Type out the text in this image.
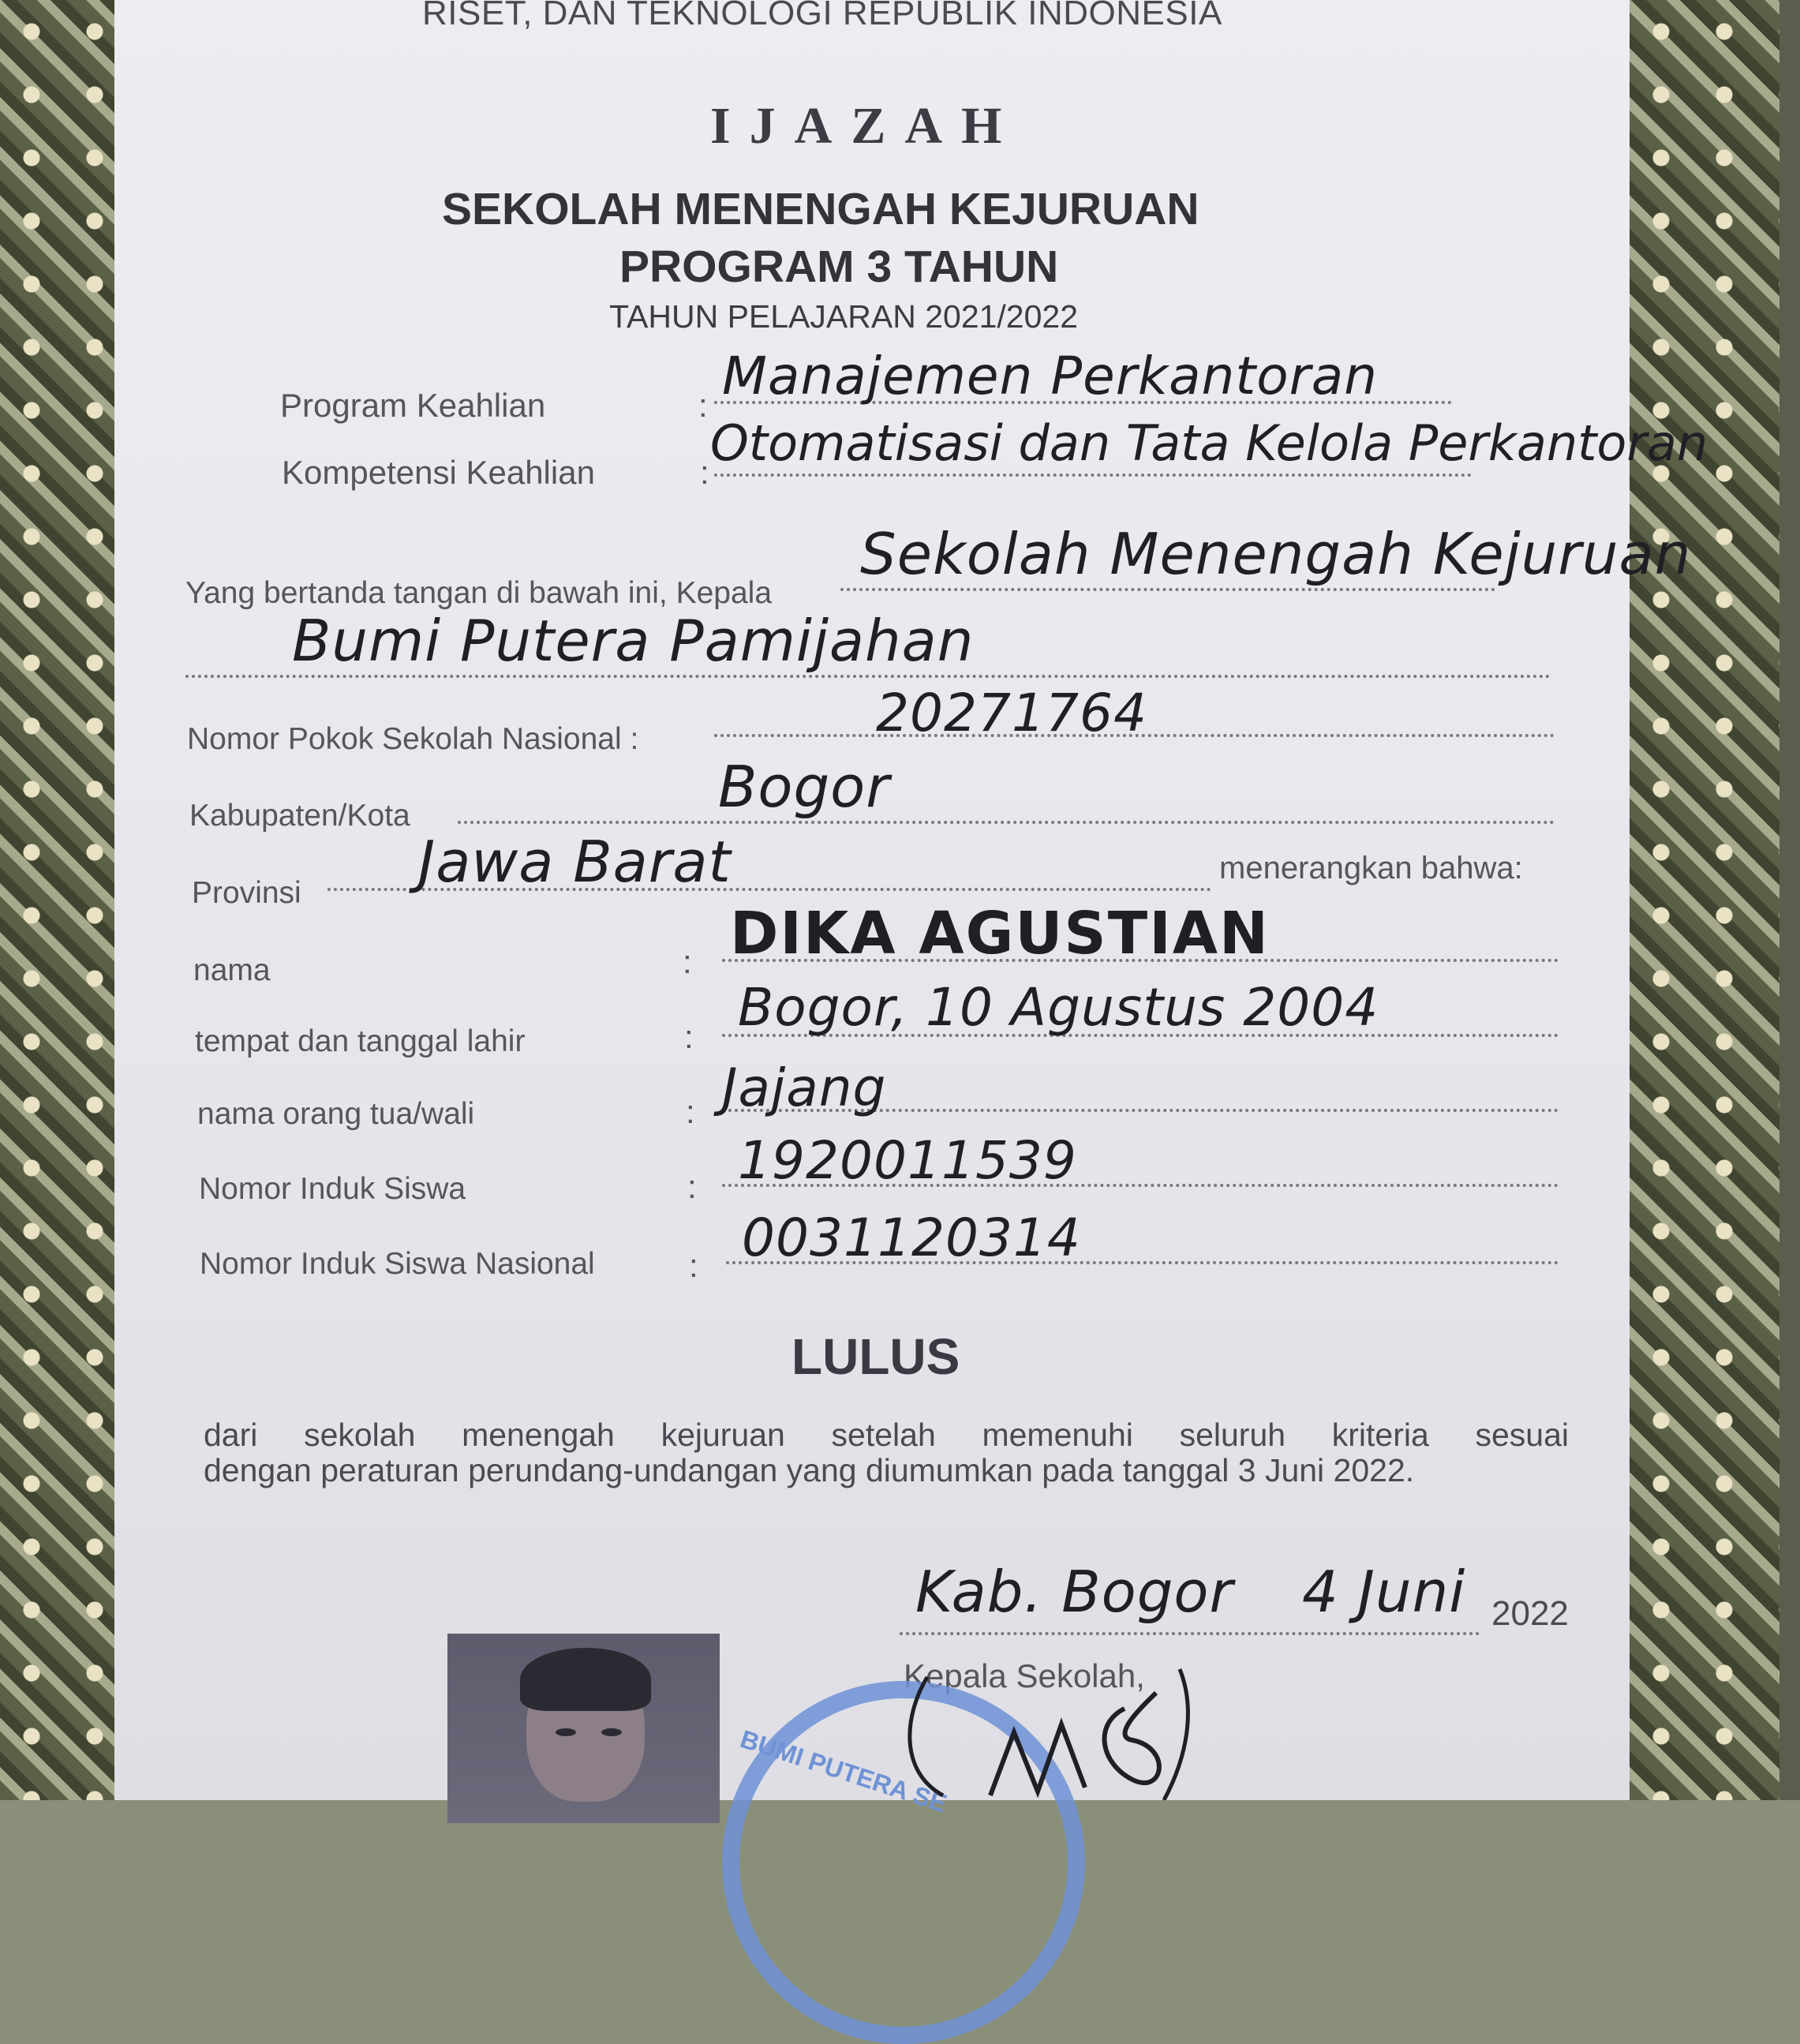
RISET, DAN TEKNOLOGI REPUBLIK INDONESIA
IJAZAH
SEKOLAH MENENGAH KEJURUAN
PROGRAM 3 TAHUN
TAHUN PELAJARAN 2021/2022
Program Keahlian	: Manajemen Perkantoran
Kompetensi Keahlian	:
Otomatisasi dan Tata Kelola Perkantoran
Yang bertanda tangan di bawah ini, Kepala
Sekolah Menengah Kejuruan
Bumi Putera Pamijahan
Nomor Pokok Sekolah Nasional :	20271764
Kabupaten/Kota	Bogor
Provinsi Jawa Barat	menerangkan bahwa:
nama	: DIKA AGUSTIAN
tempat dan tanggal lahir	: Bogor, 10 Agustus 2004
nama orang tua/wali	: Jajang
Nomor Induk Siswa	: 1920011539
Nomor Induk Siswa Nasional	: 0031120314
LULUS
dari sekolah menengah kejuruan setelah memenuhi seluruh kriteria sesuai
dengan peraturan perundang-undangan yang diumumkan pada tanggal 3 Juni 2022.
Kab. Bogor 4 Juni 2022
Kepala Sekolah,
BUMI PUTERA SE
